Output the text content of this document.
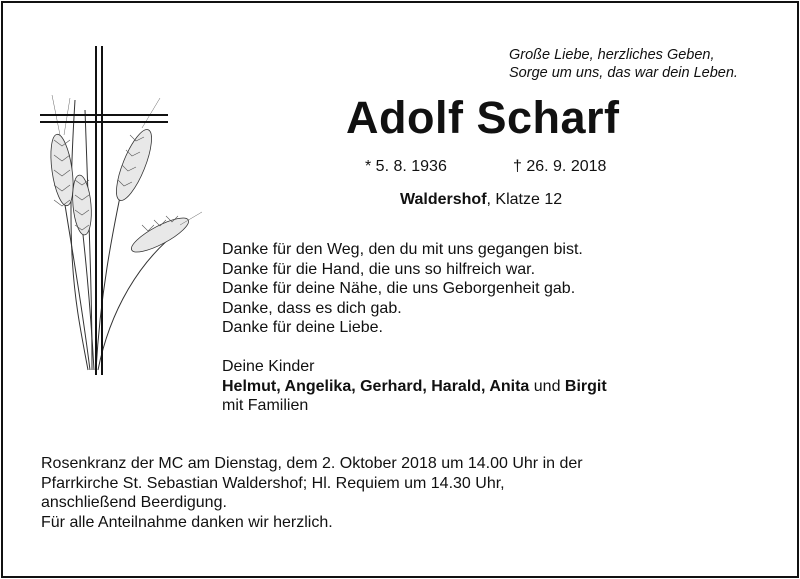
Große Liebe, herzliches Geben,
Sorge um uns, das war dein Leben.
Adolf Scharf
* 5. 8. 1936	† 26. 9. 2018
Waldershof, Klatze 12
Danke für den Weg, den du mit uns gegangen bist.
Danke für die Hand, die uns so hilfreich war.
Danke für deine Nähe, die uns Geborgenheit gab.
Danke, dass es dich gab.
Danke für deine Liebe.
Deine Kinder
Helmut, Angelika, Gerhard, Harald, Anita und Birgit
mit Familien
Rosenkranz der MC am Dienstag, dem 2. Oktober 2018 um 14.00 Uhr in der
Pfarrkirche St. Sebastian Waldershof; Hl. Requiem um 14.30 Uhr,
anschließend Beerdigung.
Für alle Anteilnahme danken wir herzlich.
